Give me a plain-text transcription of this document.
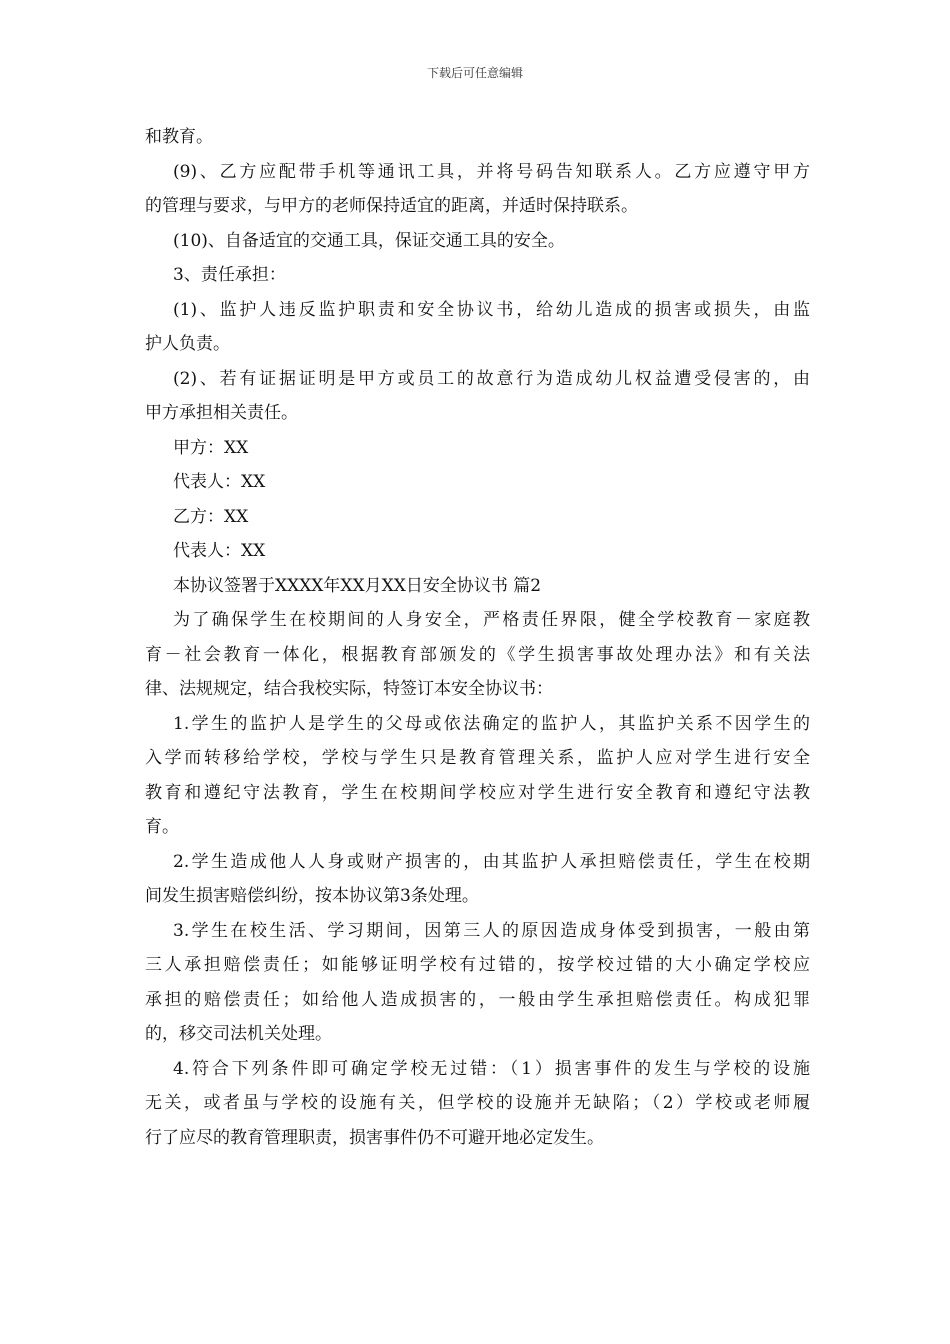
下载后可任意编辑
和教育。
(9)、乙方应配带手机等通讯工具，并将号码告知联系人。乙方应遵守甲方
的管理与要求，与甲方的老师保持适宜的距离，并适时保持联系。
(10)、自备适宜的交通工具，保证交通工具的安全。
3、责任承担：
(1)、监护人违反监护职责和安全协议书，给幼儿造成的损害或损失，由监
护人负责。
(2)、若有证据证明是甲方或员工的故意行为造成幼儿权益遭受侵害的，由
甲方承担相关责任。
甲方：XX
代表人：XX
乙方：XX
代表人：XX
本协议签署于XXXX年XX月XX日安全协议书 篇2
为了确保学生在校期间的人身安全，严格责任界限，健全学校教育－家庭教
育－社会教育一体化，根据教育部颁发的《学生损害事故处理办法》和有关法
律、法规规定，结合我校实际，特签订本安全协议书：
1.学生的监护人是学生的父母或依法确定的监护人，其监护关系不因学生的
入学而转移给学校，学校与学生只是教育管理关系，监护人应对学生进行安全
教育和遵纪守法教育，学生在校期间学校应对学生进行安全教育和遵纪守法教
育。
2.学生造成他人人身或财产损害的，由其监护人承担赔偿责任，学生在校期
间发生损害赔偿纠纷，按本协议第3条处理。
3.学生在校生活、学习期间，因第三人的原因造成身体受到损害，一般由第
三人承担赔偿责任；如能够证明学校有过错的，按学校过错的大小确定学校应
承担的赔偿责任；如给他人造成损害的，一般由学生承担赔偿责任。构成犯罪
的，移交司法机关处理。
4.符合下列条件即可确定学校无过错：（1）损害事件的发生与学校的设施
无关，或者虽与学校的设施有关，但学校的设施并无缺陷；（2）学校或老师履
行了应尽的教育管理职责，损害事件仍不可避开地必定发生。
